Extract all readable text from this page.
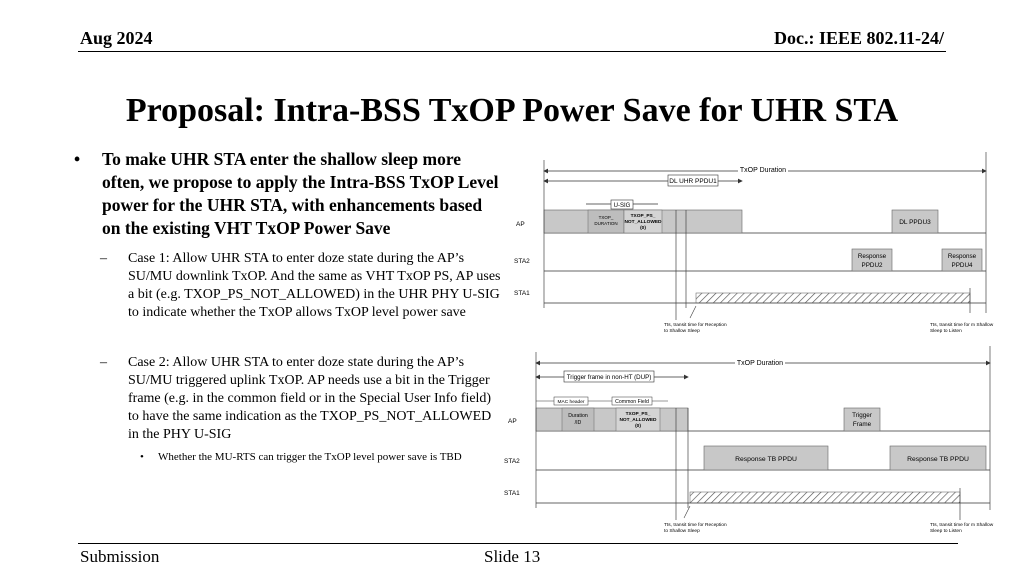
Aug 2024	Doc.: IEEE 802.11-24/
Proposal: Intra-BSS TxOP Power Save for UHR STA
• To make UHR STA enter the shallow sleep more often, we propose to apply the Intra-BSS TxOP Level power for the UHR STA, with enhancements based on the existing VHT TxOP Power Save
– Case 1: Allow UHR STA to enter doze state during the AP’s SU/MU downlink TxOP. And the same as VHT TxOP PS, AP uses a bit (e.g. TXOP_PS_NOT_ALLOWED) in the UHR PHY U-SIG to indicate whether the TxOP allows TxOP level power save
– Case 2: Allow UHR STA to enter doze state during the AP’s SU/MU triggered uplink TxOP. AP needs use a bit in the Trigger frame (e.g. in the common field or in the Special User Info field) to have the same indication as the TXOP_PS_NOT_ALLOWED in the PHY U-SIG
• Whether the MU-RTS can trigger the TxOP level power save is TBD
TxOP Duration
DL UHR PPDU1
U-SIG
AP
TXOP_
DURATION
TXOP_PS_
NOT_ALLOWED
(0)
DL PPDU3
STA2
Response
PPDU2
Response
PPDU4
STA1
Tts, transit time for Reception
to Shallow Sleep
Tts, transit time for m Shallow
Sleep to Listen
TxOP Duration
Trigger frame in non-HT (DUP)
MAC header	Common Field
AP
Duration
/ID
TXOP_PS_
NOT_ALLOWED
(0)
Trigger
Frame
STA2	Response TB PPDU	Response TB PPDU
STA1
Tts, transit time for Reception
to Shallow Sleep
Tts, transit time for m Shallow
Sleep to Listen
Submission	Slide 13
